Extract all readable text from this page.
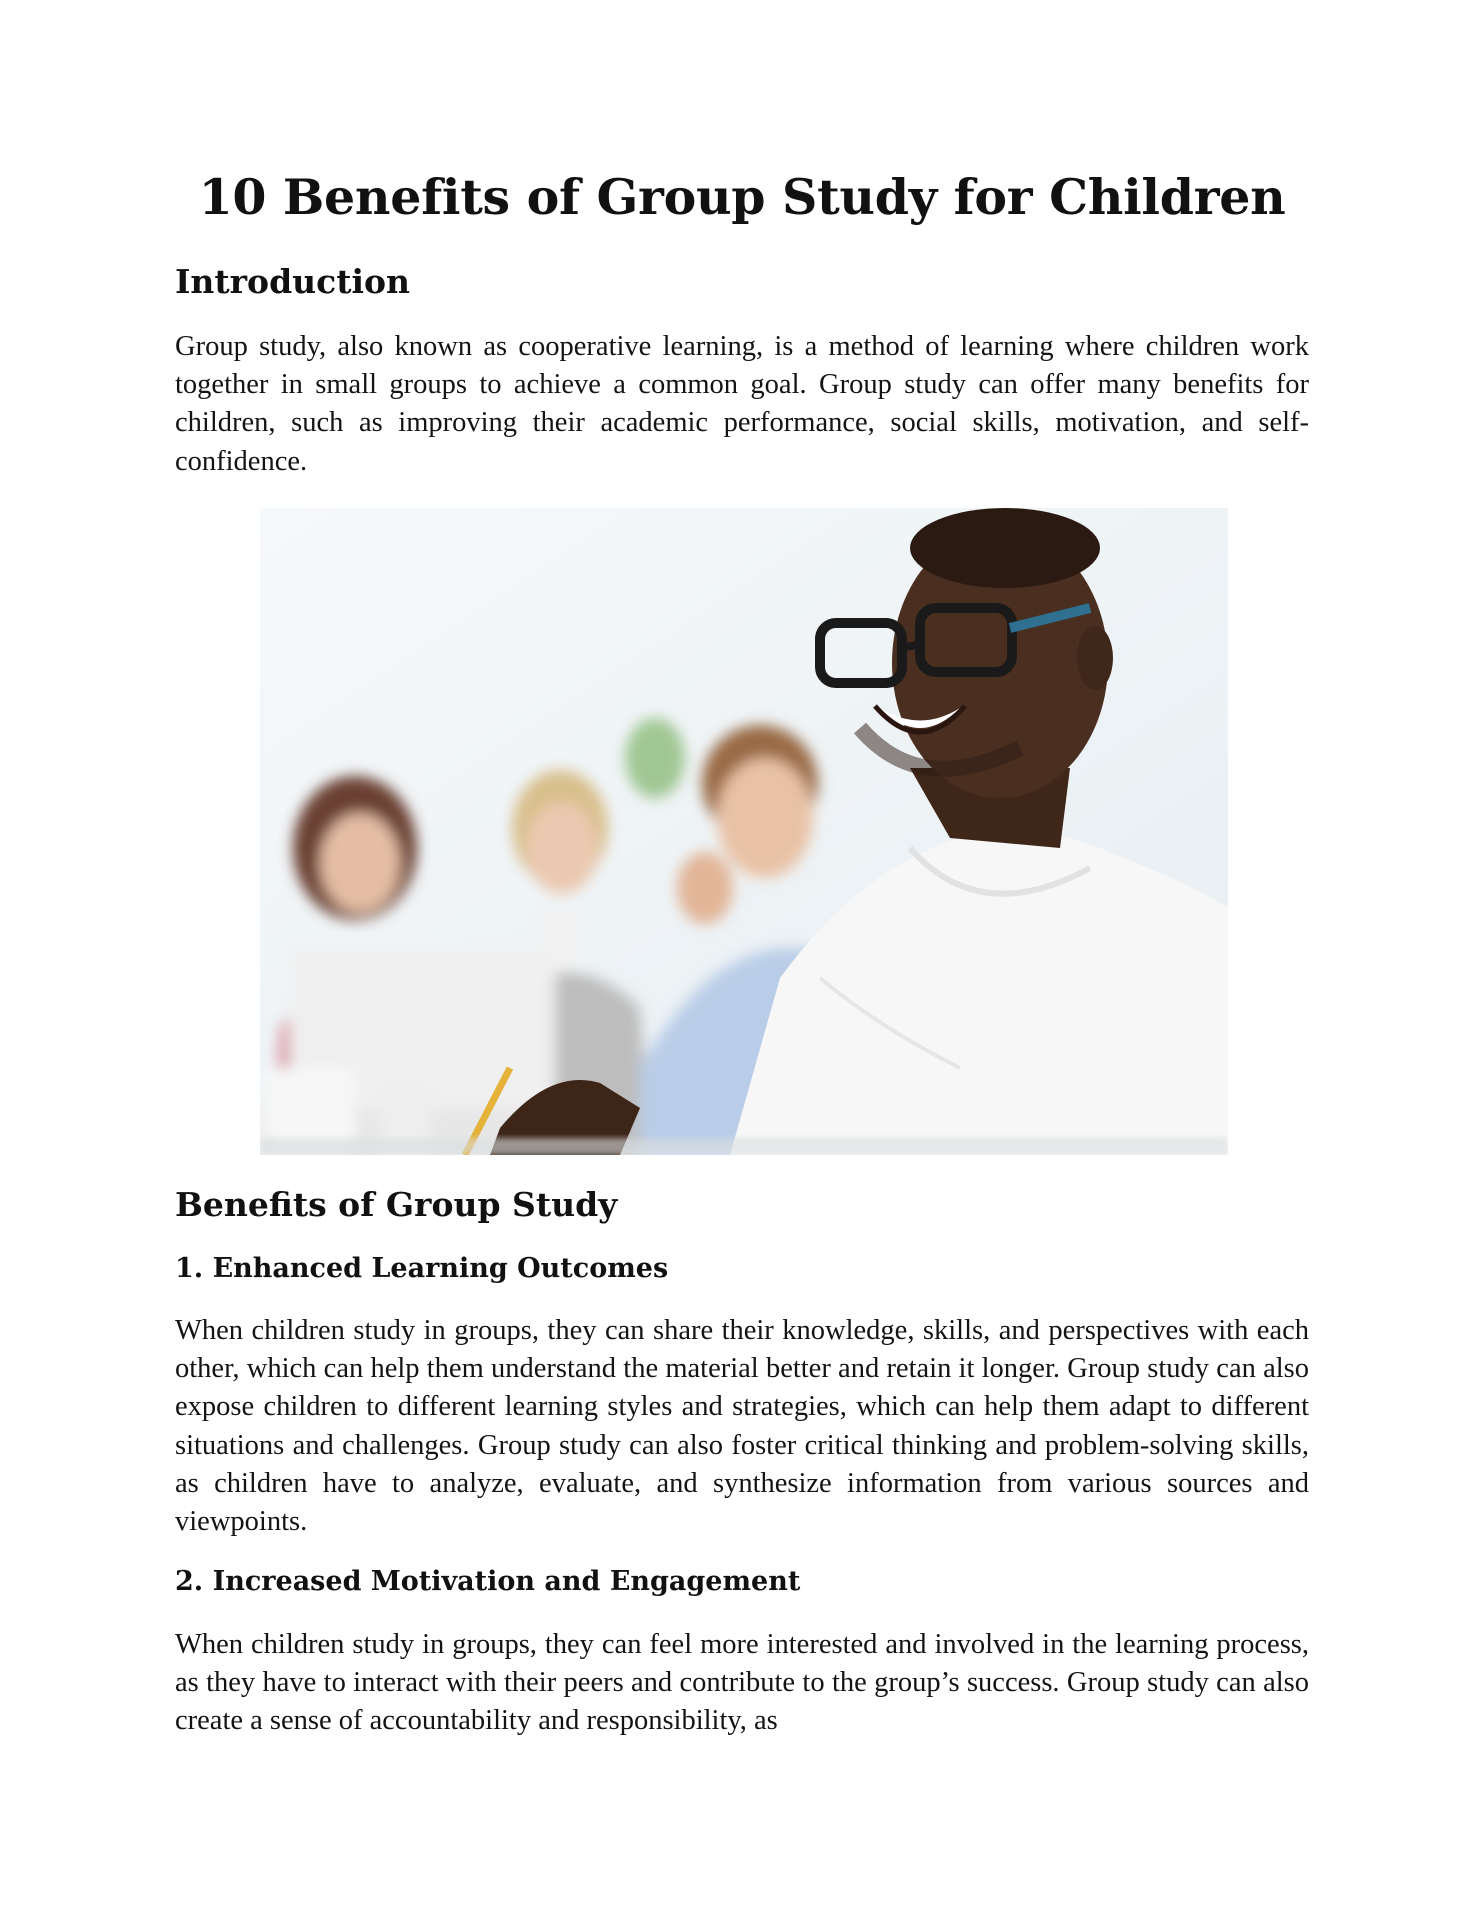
10 Benefits of Group Study for Children
Introduction

Group study, also known as cooperative learning, is a method of learning where children work together in small groups to achieve a common goal. Group study can offer many benefits for children, such as improving their academic performance, social skills, motivation, and self-confidence.

Benefits of Group Study
1. Enhanced Learning Outcomes

When children study in groups, they can share their knowledge, skills, and perspectives with each other, which can help them understand the material better and retain it longer. Group study can also expose children to different learning styles and strategies, which can help them adapt to different situations and challenges. Group study can also foster critical thinking and problem-solving skills, as children have to analyze, evaluate, and synthesize information from various sources and viewpoints.

2. Increased Motivation and Engagement

When children study in groups, they can feel more interested and involved in the learning process, as they have to interact with their peers and contribute to the group’s success. Group study can also create a sense of accountability and responsibility, as
